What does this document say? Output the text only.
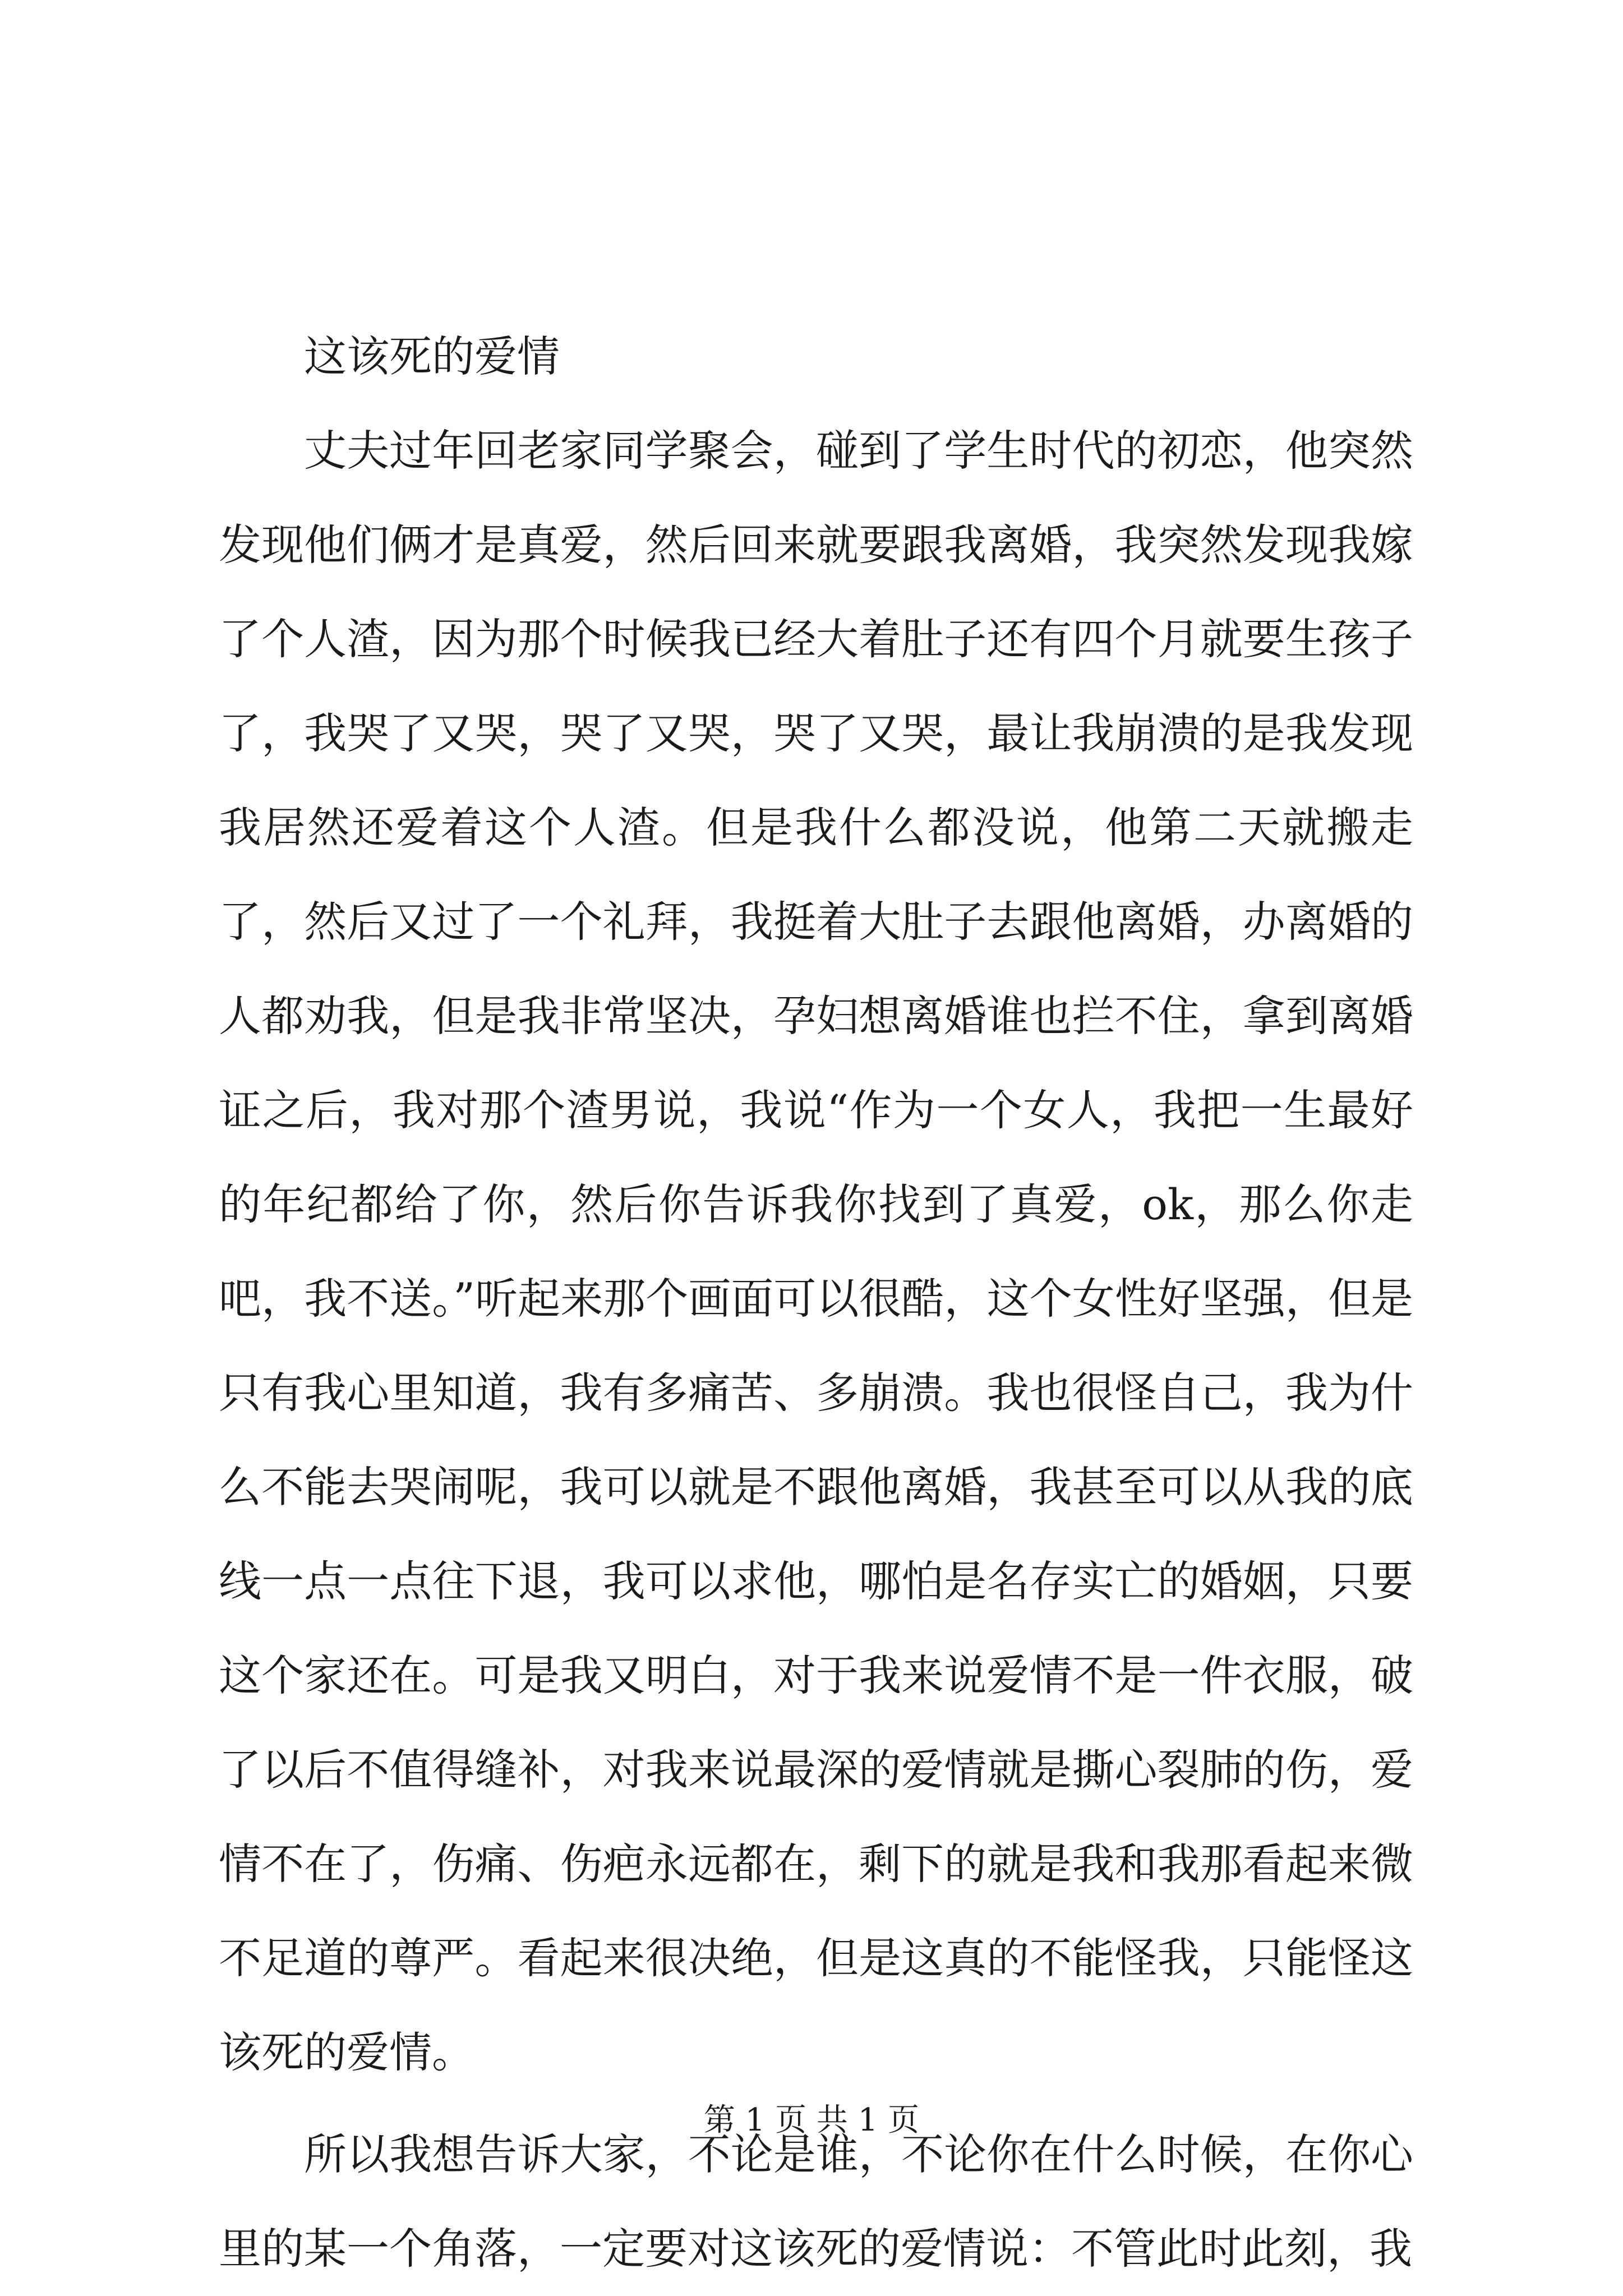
这该死的爱情

丈夫过年回老家同学聚会，碰到了学生时代的初恋，他突然发现他们俩才是真爱，然后回来就要跟我离婚，我突然发现我嫁了个人渣，因为那个时候我已经大着肚子还有四个月就要生孩子了，我哭了又哭，哭了又哭，哭了又哭，最让我崩溃的是我发现我居然还爱着这个人渣。但是我什么都没说，他第二天就搬走了，然后又过了一个礼拜，我挺着大肚子去跟他离婚，办离婚的人都劝我，但是我非常坚决，孕妇想离婚谁也拦不住，拿到离婚证之后，我对那个渣男说，我说“作为一个女人，我把一生最好的年纪都给了你，然后你告诉我你找到了真爱，ok，那么你走吧，我不送。”听起来那个画面可以很酷，这个女性好坚强，但是只有我心里知道，我有多痛苦、多崩溃。我也很怪自己，我为什么不能去哭闹呢，我可以就是不跟他离婚，我甚至可以从我的底线一点一点往下退，我可以求他，哪怕是名存实亡的婚姻，只要这个家还在。可是我又明白，对于我来说爱情不是一件衣服，破了以后不值得缝补，对我来说最深的爱情就是撕心裂肺的伤，爱情不在了，伤痛、伤疤永远都在，剩下的就是我和我那看起来微不足道的尊严。看起来很决绝，但是这真的不能怪我，只能怪这该死的爱情。

所以我想告诉大家，不论是谁，不论你在什么时候，在你心里的某一个角落，一定要对这该死的爱情说：不管此时此刻，我

第 1 页 共 1 页
